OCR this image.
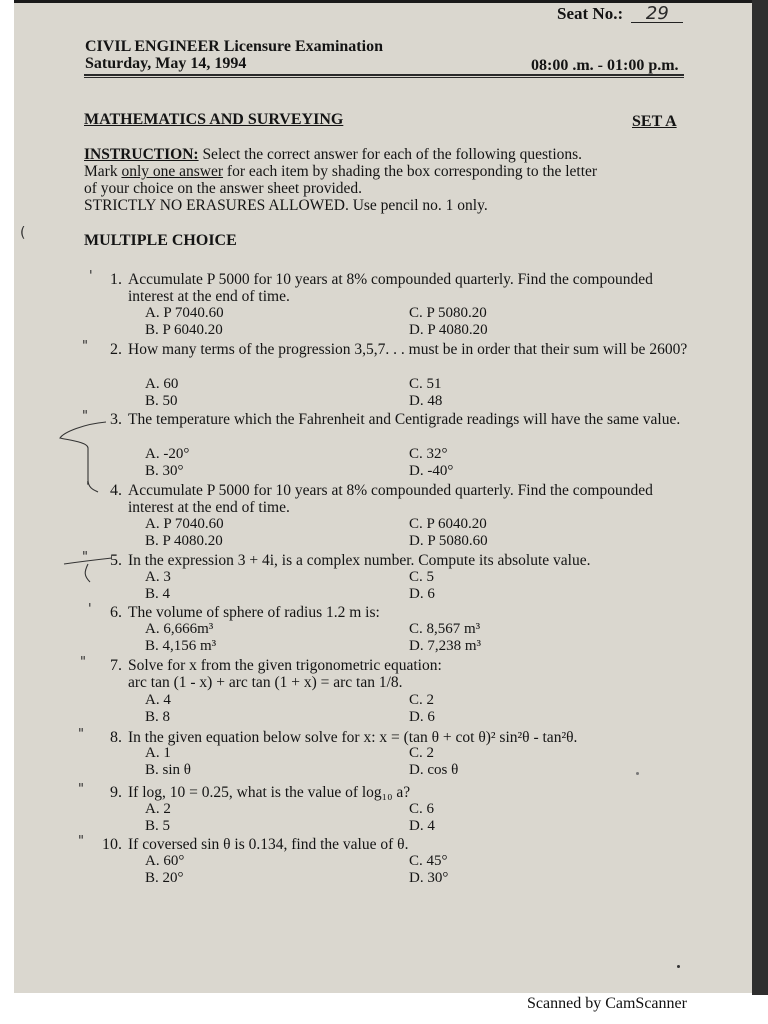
Seat No.: 29
CIVIL ENGINEER Licensure Examination
Saturday, May 14, 1994	08:00 .m. - 01:00 p.m.
MATHEMATICS AND SURVEYING	SET A
INSTRUCTION: Select the correct answer for each of the following questions.
Mark only one answer for each item by shading the box corresponding to the letter
of your choice on the answer sheet provided.
STRICTLY NO ERASURES ALLOWED. Use pencil no. 1 only.
(	MULTIPLE CHOICE
'	1. Accumulate P 5000 for 10 years at 8% compounded quarterly. Find the compounded interest at the end of time.
A. P 7040.60
B. P 6040.20
C. P 5080.20
D. P 4080.20
"	2. How many terms of the progression 3,5,7. . . must be in order that their sum will be 2600?
A. 60
B. 50
C. 51
D. 48
"	3. The temperature which the Fahrenheit and Centigrade readings will have the same value.
A. -20°
B. 30°
C. 32°
D. -40°
'	4. Accumulate P 5000 for 10 years at 8% compounded quarterly. Find the compounded interest at the end of time.
A. P 7040.60
B. P 4080.20
C. P 6040.20
D. P 5080.60
"	5. In the expression 3 + 4i, is a complex number. Compute its absolute value.
A. 3
B. 4
C. 5
D. 6
'	6. The volume of sphere of radius 1.2 m is:
A. 6,666m³
B. 4,156 m³
C. 8,567 m³
D. 7,238 m³
"	7. Solve for x from the given trigonometric equation:
arc tan (1 - x) + arc tan (1 + x) = arc tan 1/8.
A. 4
B. 8
C. 2
D. 6
"	8. In the given equation below solve for x: x = (tan θ + cot θ)² sin²θ - tan²θ.
A. 1
B. sin θ
C. 2
D. cos θ
"	9. If log, 10 = 0.25, what is the value of log₁₀ a?
A. 2
B. 5
C. 6
D. 4
"	10. If coversed sin θ is 0.134, find the value of θ.
A. 60°
B. 20°
C. 45°
D. 30°
Scanned by CamScanner
